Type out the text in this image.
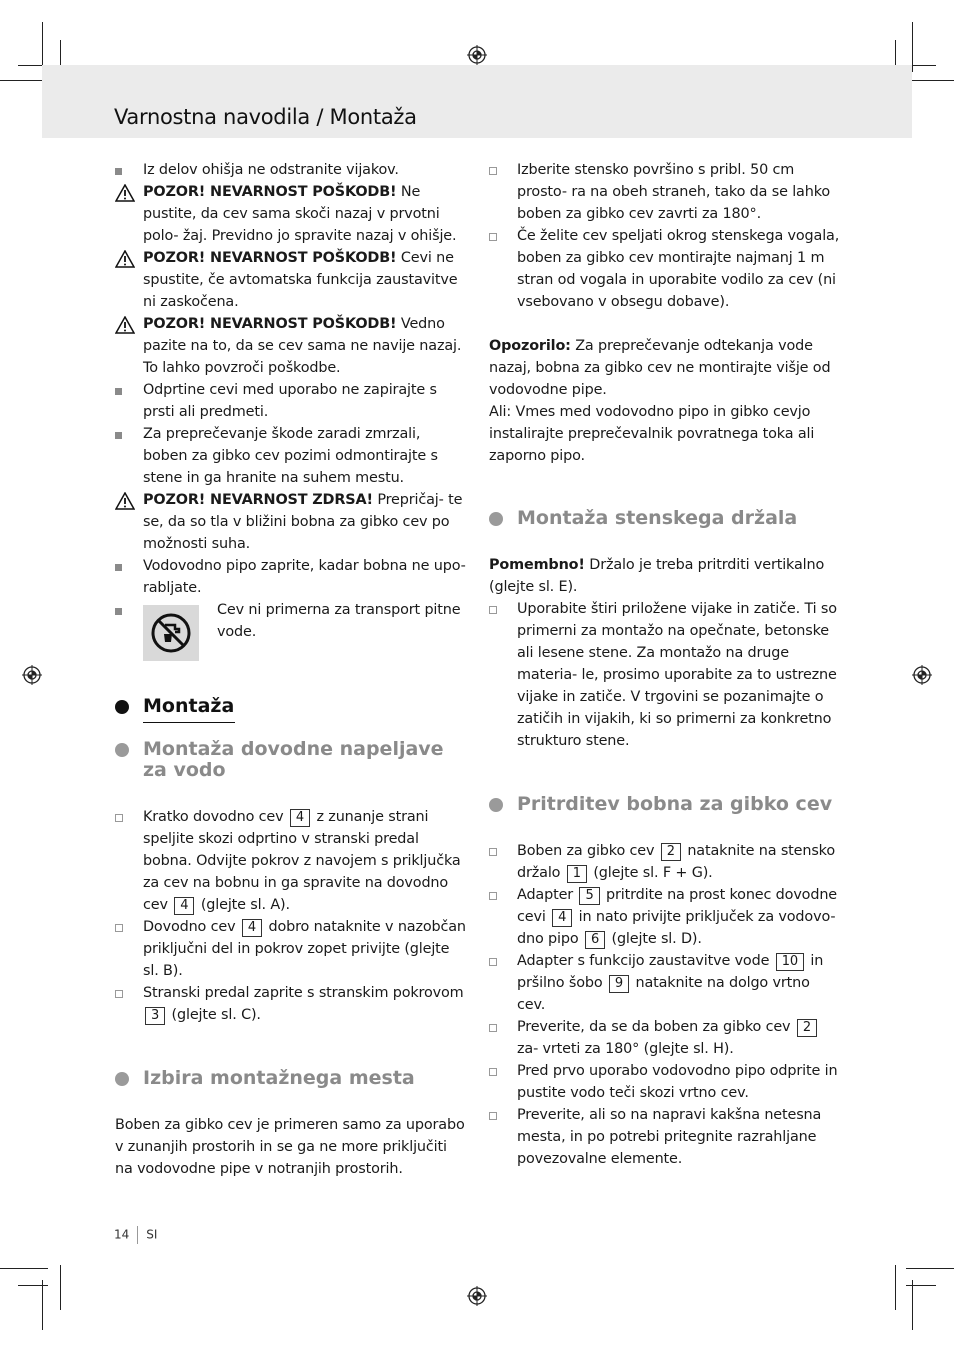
Varnostna navodila / Montaža
Iz delov ohišja ne odstranite vijakov.
POZOR! NEVARNOST POŠKODB! Ne pustite, da cev sama skoči nazaj v prvotni polo- žaj. Previdno jo spravite nazaj v ohišje.
POZOR! NEVARNOST POŠKODB! Cevi ne spustite, če avtomatska funkcija zaustavitve ni zaskočena.
POZOR! NEVARNOST POŠKODB! Vedno pazite na to, da se cev sama ne navije nazaj. To lahko povzroči poškodbe.
Odprtine cevi med uporabo ne zapirajte s prsti ali predmeti.
Za preprečevanje škode zaradi zmrzali, boben za gibko cev pozimi odmontirajte s stene in ga hranite na suhem mestu.
POZOR! NEVARNOST ZDRSA! Prepričaj- te se, da so tla v bližini bobna za gibko cev po možnosti suha.
Vodovodno pipo zaprite, kadar bobna ne upo- rabljate.
Cev ni primerna za transport pitne vode.
Montaža
Montaža dovodne napeljave za vodo
Kratko dovodno cev 4 z zunanje strani speljite skozi odprtino v stranski predal bobna. Odvijte pokrov z navojem s priključka za cev na bobnu in ga spravite na dovodno cev 4 (glejte sl. A).
Dovodno cev 4 dobro nataknite v nazobčan priključni del in pokrov zopet privijte (glejte sl. B).
Stranski predal zaprite s stranskim pokrovom 3 (glejte sl. C).
Izbira montažnega mesta
Boben za gibko cev je primeren samo za uporabo v zunanjih prostorih in se ga ne more priključiti na vodovodne pipe v notranjih prostorih.
Izberite stensko površino s pribl. 50 cm prosto- ra na obeh straneh, tako da se lahko boben za gibko cev zavrti za 180°.
Če želite cev speljati okrog stenskega vogala, boben za gibko cev montirajte najmanj 1 m stran od vogala in uporabite vodilo za cev (ni vsebovano v obsegu dobave).
Opozorilo: Za preprečevanje odtekanja vode nazaj, bobna za gibko cev ne montirajte višje od vodovodne pipe.
Ali: Vmes med vodovodno pipo in gibko cevjo instalirajte preprečevalnik povratnega toka ali zaporno pipo.
Montaža stenskega držala
Pomembno! Držalo je treba pritrditi vertikalno (glejte sl. E).
Uporabite štiri priložene vijake in zatiče. Ti so primerni za montažo na opečnate, betonske ali lesene stene. Za montažo na druge materia- le, prosimo uporabite za to ustrezne vijake in zatiče. V trgovini se pozanimajte o zatičih in vijakih, ki so primerni za konkretno strukturo stene.
Pritrditev bobna za gibko cev
Boben za gibko cev 2 nataknite na stensko držalo 1 (glejte sl. F + G).
Adapter 5 pritrdite na prost konec dovodne cevi 4 in nato privijte priključek za vodovo- dno pipo 6 (glejte sl. D).
Adapter s funkcijo zaustavitve vode 10 in pršilno šobo 9 nataknite na dolgo vrtno cev.
Preverite, da se da boben za gibko cev 2 za- vrteti za 180° (glejte sl. H).
Pred prvo uporabo vodovodno pipo odprite in pustite vodo teči skozi vrtno cev.
Preverite, ali so na napravi kakšna netesna mesta, in po potrebi pritegnite razrahljane povezovalne elemente.
14 SI
